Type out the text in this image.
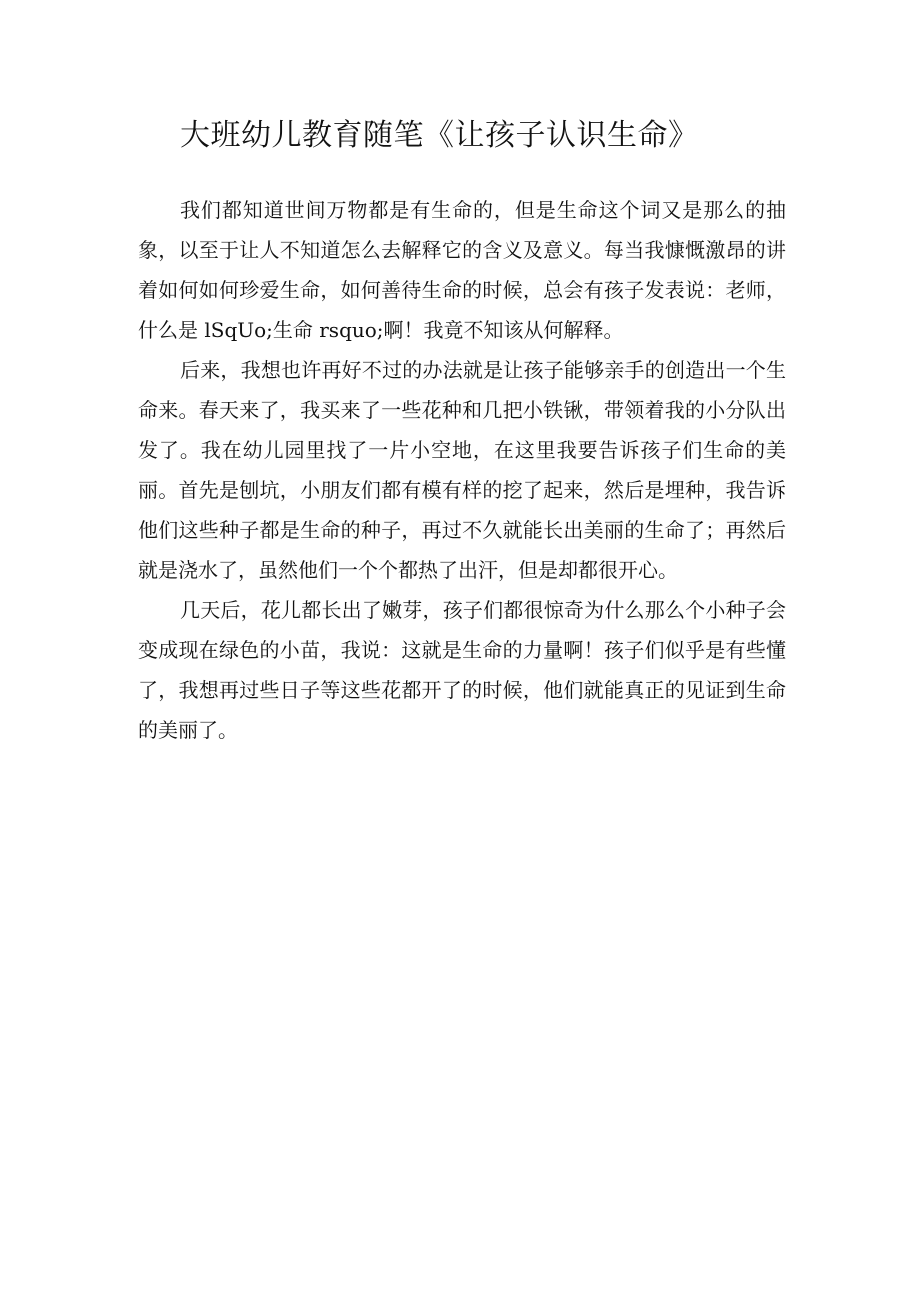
大班幼儿教育随笔《让孩子认识生命》

我们都知道世间万物都是有生命的，但是生命这个词又是那么的抽象，以至于让人不知道怎么去解释它的含义及意义。每当我慷慨激昂的讲着如何如何珍爱生命，如何善待生命的时候，总会有孩子发表说：老师，什么是 lSqUo;生命 rsquo;啊！我竟不知该从何解释。

后来，我想也许再好不过的办法就是让孩子能够亲手的创造出一个生命来。春天来了，我买来了一些花种和几把小铁锹，带领着我的小分队出发了。我在幼儿园里找了一片小空地，在这里我要告诉孩子们生命的美丽。首先是刨坑，小朋友们都有模有样的挖了起来，然后是埋种，我告诉他们这些种子都是生命的种子，再过不久就能长出美丽的生命了；再然后就是浇水了，虽然他们一个个都热了出汗，但是却都很开心。

几天后，花儿都长出了嫩芽，孩子们都很惊奇为什么那么个小种子会变成现在绿色的小苗，我说：这就是生命的力量啊！孩子们似乎是有些懂了，我想再过些日子等这些花都开了的时候，他们就能真正的见证到生命的美丽了。
